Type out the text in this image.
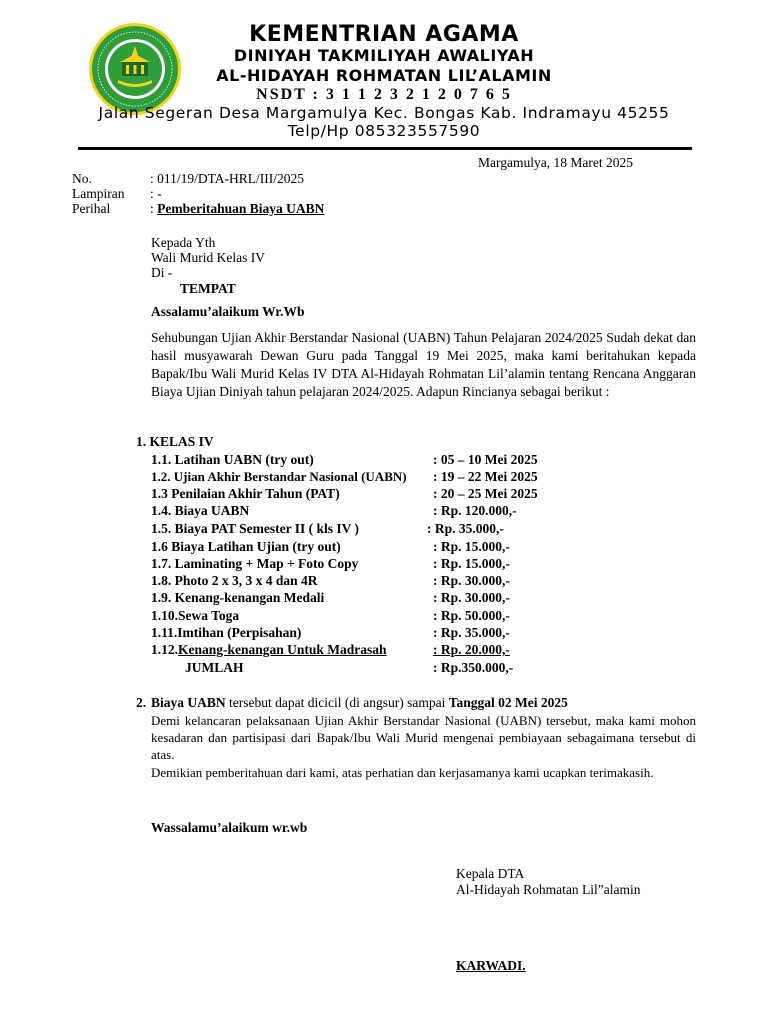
KEMENTRIAN AGAMA
DINIYAH TAKMILIYAH AWALIYAH
AL-HIDAYAH ROHMATAN LIL’ALAMIN
NSDT : 3 1 1 2 3 2 1 2 0 7 6 5
Jalan Segeran Desa Margamulya Kec. Bongas Kab. Indramayu 45255
Telp/Hp 085323557590
Margamulya, 18 Maret 2025
No.	: 011/19/DTA-HRL/III/2025
Lampiran : -
Perihal	: Pemberitahuan Biaya UABN
Kepada Yth
Wali Murid Kelas IV
Di -
TEMPAT
Assalamu’alaikum Wr.Wb
Sehubungan Ujian Akhir Berstandar Nasional (UABN) Tahun Pelajaran 2024/2025 Sudah dekat dan hasil musyawarah Dewan Guru pada Tanggal 19 Mei 2025, maka kami beritahukan kepada Bapak/Ibu Wali Murid Kelas IV DTA Al-Hidayah Rohmatan Lil’alamin tentang Rencana Anggaran Biaya Ujian Diniyah tahun pelajaran 2024/2025. Adapun Rincianya sebagai berikut :
1. KELAS IV
1.1. Latihan UABN (try out)	: 05 – 10 Mei 2025
1.2. Ujian Akhir Berstandar Nasional (UABN) : 19 – 22 Mei 2025
1.3 Penilaian Akhir Tahun (PAT)	: 20 – 25 Mei 2025
1.4. Biaya UABN	: Rp. 120.000,-
1.5. Biaya PAT Semester II ( kls IV )	: Rp. 35.000,-
1.6 Biaya Latihan Ujian (try out)	: Rp. 15.000,-
1.7. Laminating + Map + Foto Copy	: Rp. 15.000,-
1.8. Photo 2 x 3, 3 x 4 dan 4R	: Rp. 30.000,-
1.9. Kenang-kenangan Medali	: Rp. 30.000,-
1.10.Sewa Toga	: Rp. 50.000,-
1.11.Imtihan (Perpisahan)	: Rp. 35.000,-
1.12.Kenang-kenangan Untuk Madrasah	: Rp. 20.000,-
JUMLAH	: Rp.350.000,-
2. Biaya UABN tersebut dapat dicicil (di angsur) sampai Tanggal 02 Mei 2025
Demi kelancaran pelaksanaan Ujian Akhir Berstandar Nasional (UABN) tersebut, maka kami mohon kesadaran dan partisipasi dari Bapak/Ibu Wali Murid mengenai pembiayaan sebagaimana tersebut di atas.
Demikian pemberitahuan dari kami, atas perhatian dan kerjasamanya kami ucapkan terimakasih.
Wassalamu’alaikum wr.wb
Kepala DTA
Al-Hidayah Rohmatan Lil”alamin
KARWADI.
